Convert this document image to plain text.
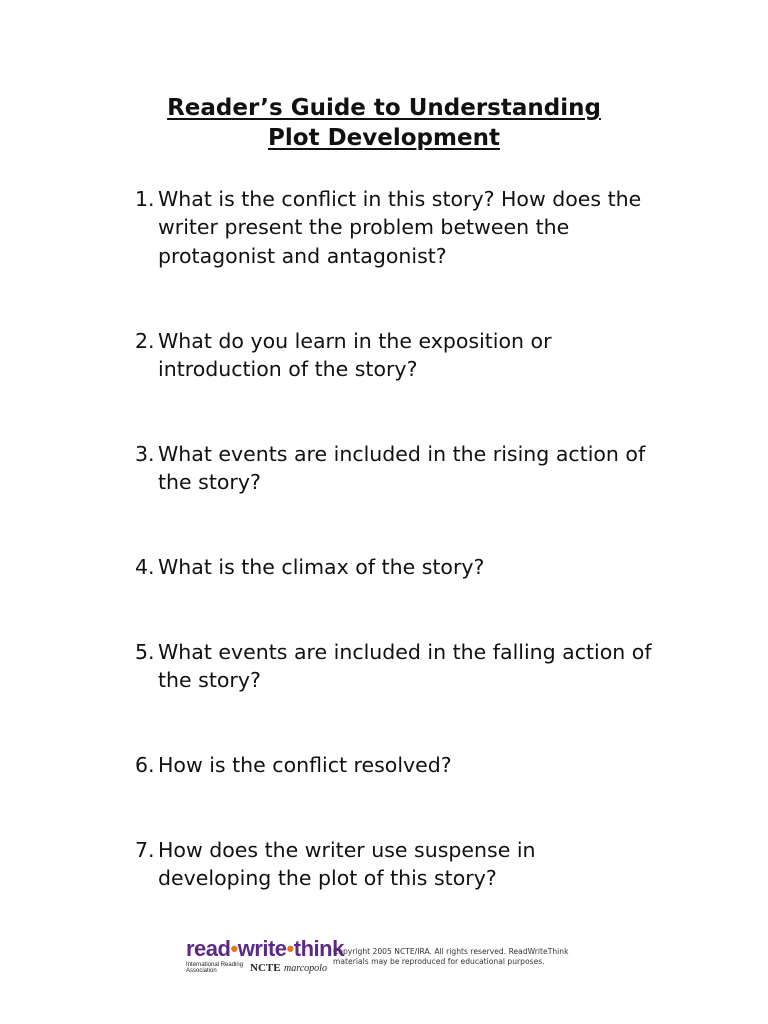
Reader’s Guide to Understanding
Plot Development
1. What is the conflict in this story? How does the writer present the problem between the protagonist and antagonist?
2. What do you learn in the exposition or introduction of the story?
3. What events are included in the rising action of the story?
4. What is the climax of the story?
5. What events are included in the falling action of the story?
6. How is the conflict resolved?
7. How does the writer use suspense in developing the plot of this story?
read•write•think
International Reading Association	NCTE marcopolo
Copyright 2005 NCTE/IRA. All rights reserved. ReadWriteThink
materials may be reproduced for educational purposes.
